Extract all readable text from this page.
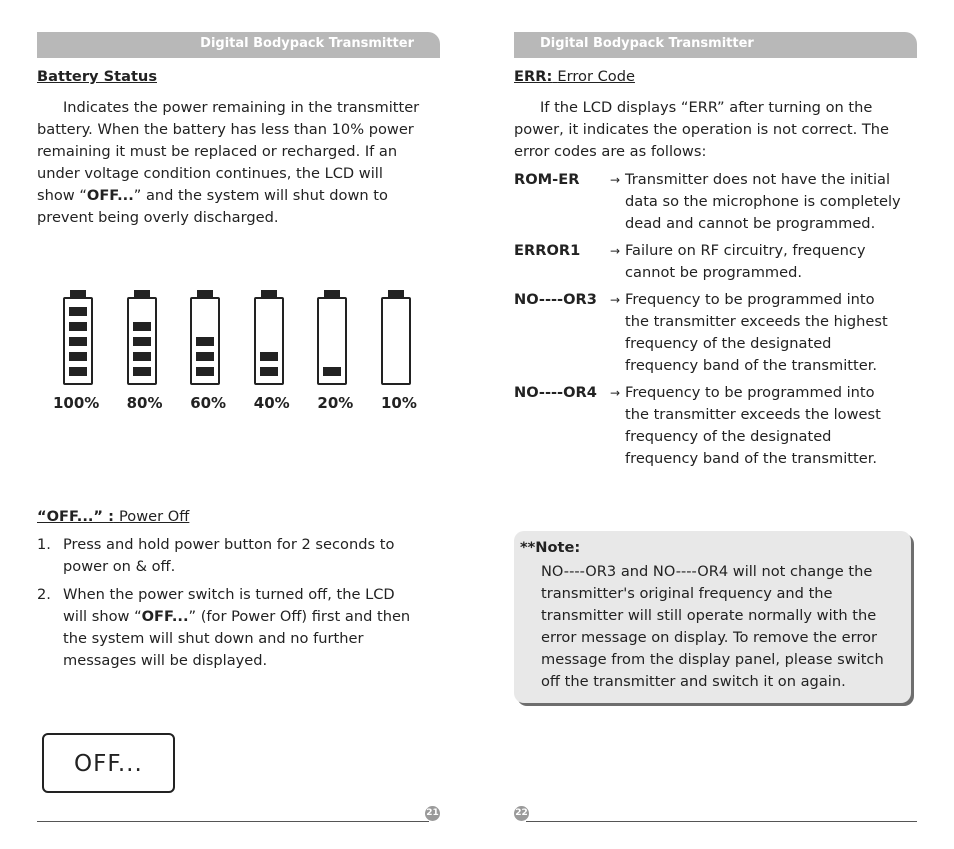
Digital Bodypack Transmitter
Battery Status

Indicates the power remaining in the transmitter
battery. When the battery has less than 10% power
remaining it must be replaced or recharged. If an
under voltage condition continues, the LCD will
show “OFF...” and the system will shut down to
prevent being overly discharged.

100% 80% 60% 40% 20% 10%
“OFF...” : Power Off
1. Press and hold power button for 2 seconds to
power on & off.
2. When the power switch is turned off, the LCD
will show “OFF...” (for Power Off) first and then
the system will shut down and no further
messages will be displayed.
OFF...
21
Digital Bodypack Transmitter
ERR: Error Code

If the LCD displays “ERR” after turning on the
power, it indicates the operation is not correct. The
error codes are as follows:

ROM-ER	→ Transmitter does not have the initial
data so the microphone is completely
dead and cannot be programmed.
ERROR1 → Failure on RF circuitry, frequency
cannot be programmed.
NO----OR3 → Frequency to be programmed into
the transmitter exceeds the highest
frequency of the designated
frequency band of the transmitter.
NO----OR4 → Frequency to be programmed into
the transmitter exceeds the lowest
frequency of the designated
frequency band of the transmitter.
**Note:

NO----OR3 and NO----OR4 will not change the
transmitter's original frequency and the
transmitter will still operate normally with the
error message on display. To remove the error
message from the display panel, please switch
off the transmitter and switch it on again.

22
